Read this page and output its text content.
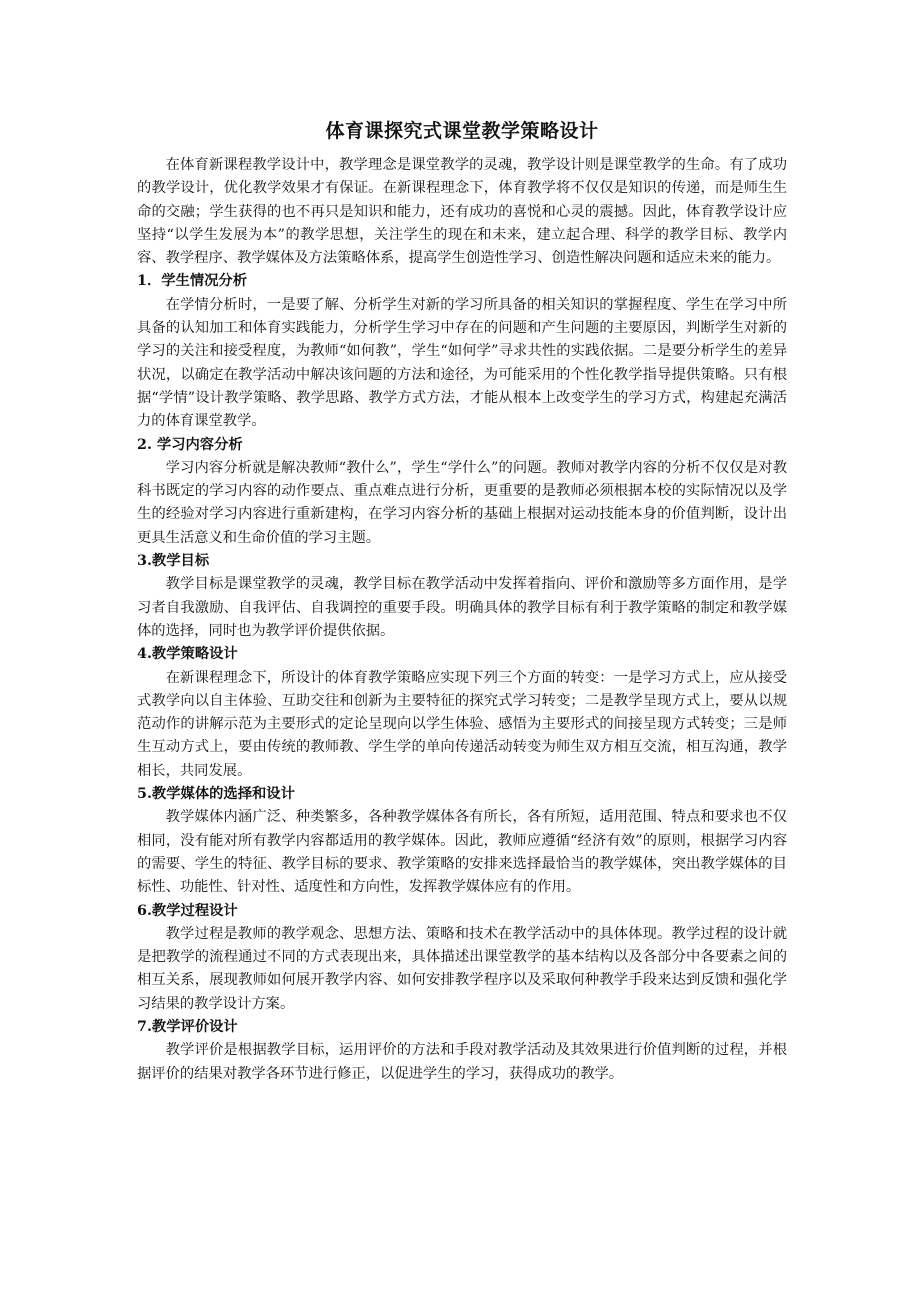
体育课探究式课堂教学策略设计

在体育新课程教学设计中，教学理念是课堂教学的灵魂，教学设计则是课堂教学的生命。有了成功的教学设计，优化教学效果才有保证。在新课程理念下，体育教学将不仅仅是知识的传递，而是师生生命的交融；学生获得的也不再只是知识和能力，还有成功的喜悦和心灵的震撼。因此，体育教学设计应坚持“以学生发展为本”的教学思想，关注学生的现在和未来，建立起合理、科学的教学目标、教学内容、教学程序、教学媒体及方法策略体系，提高学生创造性学习、创造性解决问题和适应未来的能力。

1．学生情况分析

在学情分析时，一是要了解、分析学生对新的学习所具备的相关知识的掌握程度、学生在学习中所具备的认知加工和体育实践能力，分析学生学习中存在的问题和产生问题的主要原因，判断学生对新的学习的关注和接受程度，为教师“如何教”，学生“如何学”寻求共性的实践依据。二是要分析学生的差异状况，以确定在教学活动中解决该问题的方法和途径，为可能采用的个性化教学指导提供策略。只有根据“学情”设计教学策略、教学思路、教学方式方法，才能从根本上改变学生的学习方式，构建起充满活力的体育课堂教学。

2. 学习内容分析

学习内容分析就是解决教师“教什么”，学生“学什么”的问题。教师对教学内容的分析不仅仅是对教科书既定的学习内容的动作要点、重点难点进行分析，更重要的是教师必须根据本校的实际情况以及学生的经验对学习内容进行重新建构，在学习内容分析的基础上根据对运动技能本身的价值判断，设计出更具生活意义和生命价值的学习主题。

3.教学目标

教学目标是课堂教学的灵魂，教学目标在教学活动中发挥着指向、评价和激励等多方面作用，是学习者自我激励、自我评估、自我调控的重要手段。明确具体的教学目标有利于教学策略的制定和教学媒体的选择，同时也为教学评价提供依据。

4.教学策略设计

在新课程理念下，所设计的体育教学策略应实现下列三个方面的转变：一是学习方式上，应从接受式教学向以自主体验、互助交往和创新为主要特征的探究式学习转变；二是教学呈现方式上，要从以规范动作的讲解示范为主要形式的定论呈现向以学生体验、感悟为主要形式的间接呈现方式转变；三是师生互动方式上，要由传统的教师教、学生学的单向传递活动转变为师生双方相互交流，相互沟通，教学相长，共同发展。

5.教学媒体的选择和设计

教学媒体内涵广泛、种类繁多，各种教学媒体各有所长，各有所短，适用范围、特点和要求也不仅相同，没有能对所有教学内容都适用的教学媒体。因此，教师应遵循“经济有效”的原则，根据学习内容的需要、学生的特征、教学目标的要求、教学策略的安排来选择最恰当的教学媒体，突出教学媒体的目标性、功能性、针对性、适度性和方向性，发挥教学媒体应有的作用。

6.教学过程设计

教学过程是教师的教学观念、思想方法、策略和技术在教学活动中的具体体现。教学过程的设计就是把教学的流程通过不同的方式表现出来，具体描述出课堂教学的基本结构以及各部分中各要素之间的相互关系，展现教师如何展开教学内容、如何安排教学程序以及采取何种教学手段来达到反馈和强化学习结果的教学设计方案。

7.教学评价设计

教学评价是根据教学目标，运用评价的方法和手段对教学活动及其效果进行价值判断的过程，并根据评价的结果对教学各环节进行修正，以促进学生的学习，获得成功的教学。
